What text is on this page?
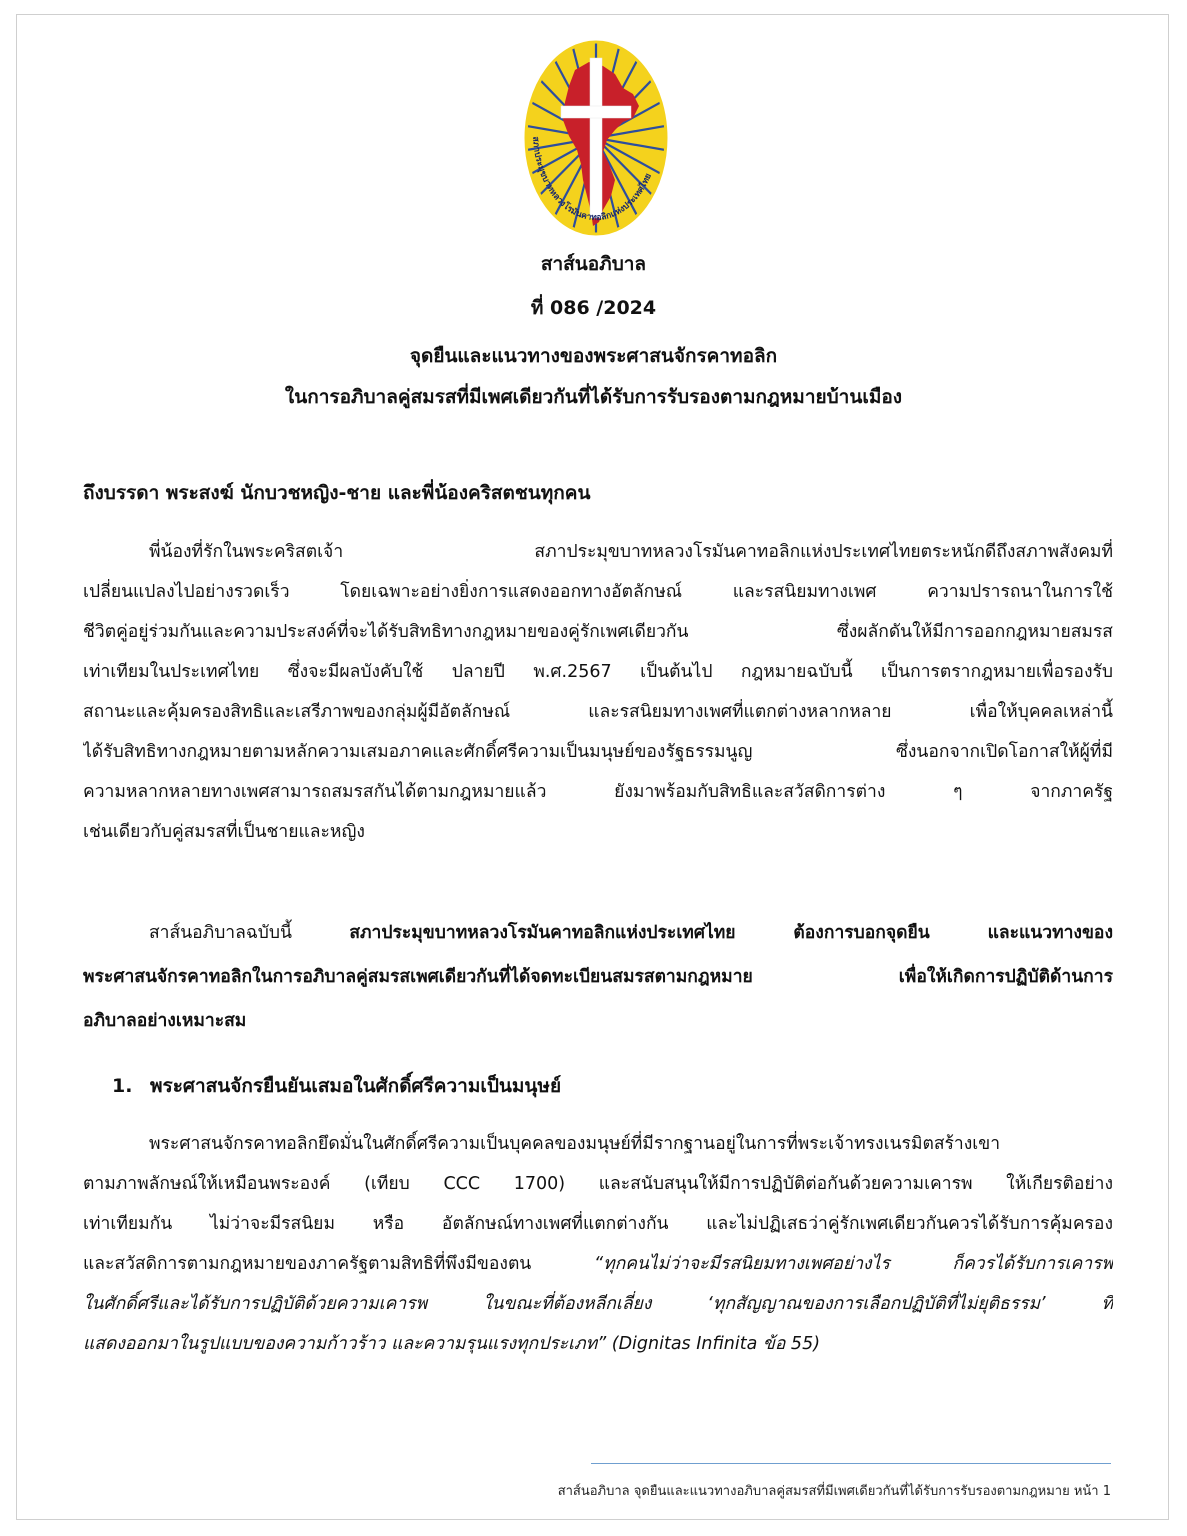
สภาประมุขบาทหลวงโรมันคาทอลิกแห่งประเทศไทย
สาส์นอภิบาล
ที่ 086 /2024
จุดยืนและแนวทางของพระศาสนจักรคาทอลิก
ในการอภิบาลคู่สมรสที่มีเพศเดียวกันที่ได้รับการรับรองตามกฎหมายบ้านเมือง
ถึงบรรดา พระสงฆ์ นักบวชหญิง-ชาย และพี่น้องคริสตชนทุกคน
พี่น้องที่รักในพระคริสตเจ้า สภาประมุขบาทหลวงโรมันคาทอลิกแห่งประเทศไทยตระหนักดีถึงสภาพสังคมที่
เปลี่ยนแปลงไปอย่างรวดเร็ว โดยเฉพาะอย่างยิ่งการแสดงออกทางอัตลักษณ์ และรสนิยมทางเพศ ความปรารถนาในการใช้
ชีวิตคู่อยู่ร่วมกันและความประสงค์ที่จะได้รับสิทธิทางกฎหมายของคู่รักเพศเดียวกัน ซึ่งผลักดันให้มีการออกกฎหมายสมรส
เท่าเทียมในประเทศไทย ซึ่งจะมีผลบังคับใช้ ปลายปี พ.ศ.2567 เป็นต้นไป กฎหมายฉบับนี้ เป็นการตรากฎหมายเพื่อรองรับ
สถานะและคุ้มครองสิทธิและเสรีภาพของกลุ่มผู้มีอัตลักษณ์ และรสนิยมทางเพศที่แตกต่างหลากหลาย เพื่อให้บุคคลเหล่านี้
ได้รับสิทธิทางกฎหมายตามหลักความเสมอภาคและศักดิ์ศรีความเป็นมนุษย์ของรัฐธรรมนูญ ซึ่งนอกจากเปิดโอกาสให้ผู้ที่มี
ความหลากหลายทางเพศสามารถสมรสกันได้ตามกฎหมายแล้ว ยังมาพร้อมกับสิทธิและสวัสดิการต่าง ๆ จากภาครัฐ
เช่นเดียวกับคู่สมรสที่เป็นชายและหญิง
สาส์นอภิบาลฉบับนี้ สภาประมุขบาทหลวงโรมันคาทอลิกแห่งประเทศไทย ต้องการบอกจุดยืน และแนวทางของ
พระศาสนจักรคาทอลิกในการอภิบาลคู่สมรสเพศเดียวกันที่ได้จดทะเบียนสมรสตามกฎหมาย เพื่อให้เกิดการปฏิบัติด้านการ
อภิบาลอย่างเหมาะสม
1. พระศาสนจักรยืนยันเสมอในศักดิ์ศรีความเป็นมนุษย์
พระศาสนจักรคาทอลิกยึดมั่นในศักดิ์ศรีความเป็นบุคคลของมนุษย์ที่มีรากฐานอยู่ในการที่พระเจ้าทรงเนรมิตสร้างเขา
ตามภาพลักษณ์ให้เหมือนพระองค์ (เทียบ CCC 1700) และสนับสนุนให้มีการปฏิบัติต่อกันด้วยความเคารพ ให้เกียรติอย่าง
เท่าเทียมกัน ไม่ว่าจะมีรสนิยม หรือ อัตลักษณ์ทางเพศที่แตกต่างกัน และไม่ปฏิเสธว่าคู่รักเพศเดียวกันควรได้รับการคุ้มครอง
และสวัสดิการตามกฎหมายของภาครัฐตามสิทธิที่พึงมีของตน “ทุกคนไม่ว่าจะมีรสนิยมทางเพศอย่างไร ก็ควรได้รับการเคารพ
ในศักดิ์ศรีและได้รับการปฏิบัติด้วยความเคารพ ในขณะที่ต้องหลีกเลี่ยง ‘ทุกสัญญาณของการเลือกปฏิบัติที่ไม่ยุติธรรม’ ที่
แสดงออกมาในรูปแบบของความก้าวร้าว และความรุนแรงทุกประเภท” (Dignitas Infinita ข้อ 55)
สาส์นอภิบาล จุดยืนและแนวทางอภิบาลคู่สมรสที่มีเพศเดียวกันที่ได้รับการรับรองตามกฎหมาย หน้า 1
